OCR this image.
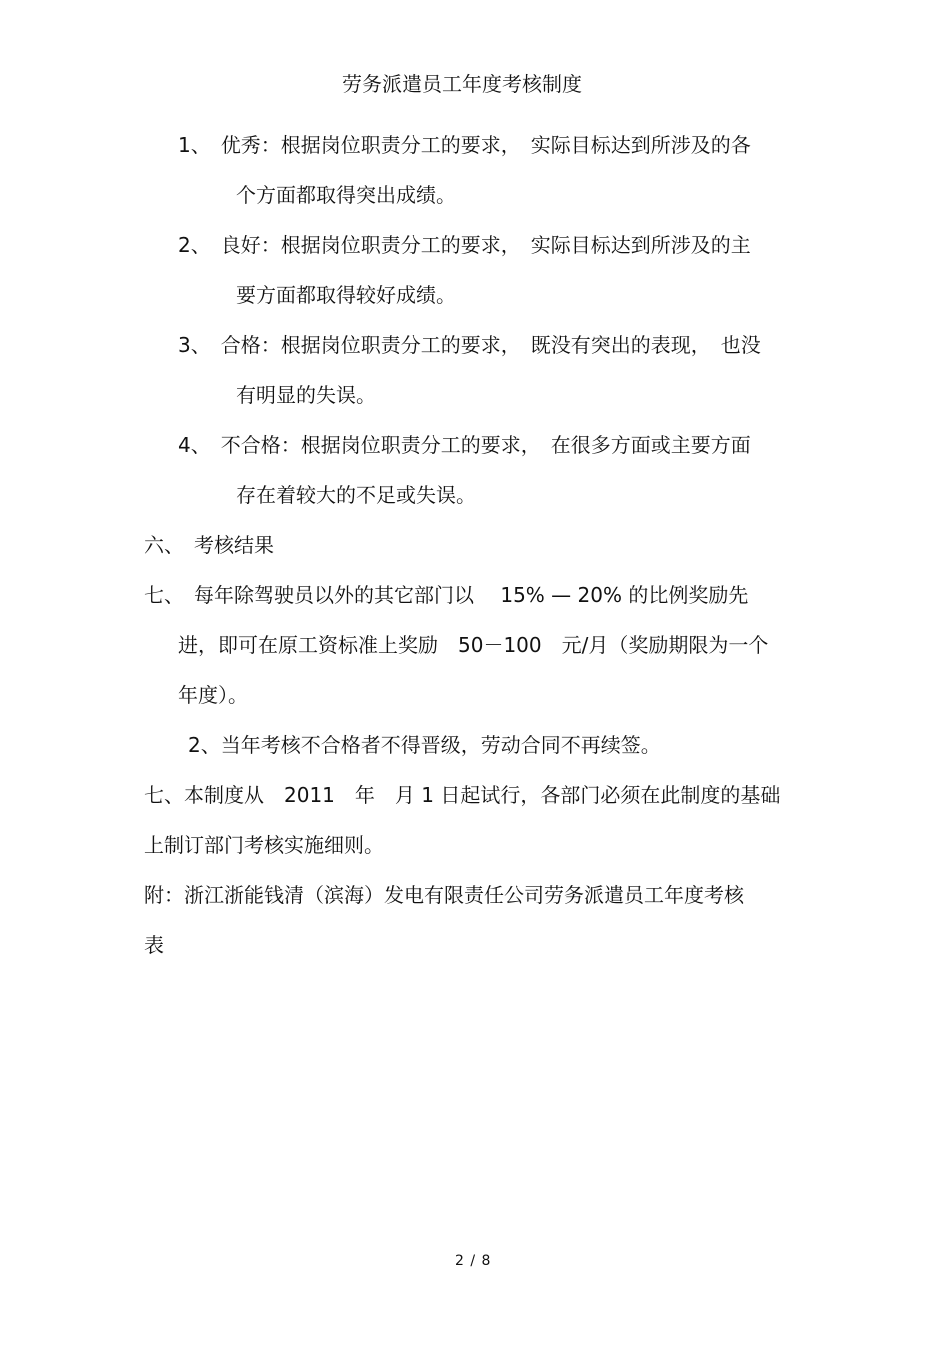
劳务派遣员工年度考核制度
1、　优秀：根据岗位职责分工的要求，　实际目标达到所涉及的各
个方面都取得突出成绩。
2、　良好：根据岗位职责分工的要求，　实际目标达到所涉及的主
要方面都取得较好成绩。
3、　合格：根据岗位职责分工的要求，　既没有突出的表现，　也没
有明显的失误。
4、　不合格：根据岗位职责分工的要求，　在很多方面或主要方面
存在着较大的不足或失误。
六、　考核结果
七、　每年除驾驶员以外的其它部门以　 15% — 20% 的比例奖励先
进，即可在原工资标准上奖励　50－100　元/月（奖励期限为一个
年度）。
2、当年考核不合格者不得晋级，劳动合同不再续签。
七、本制度从　2011　年　月 1 日起试行，各部门必须在此制度的基础
上制订部门考核实施细则。
附：浙江浙能钱清（滨海）发电有限责任公司劳务派遣员工年度考核
表
2 / 8
